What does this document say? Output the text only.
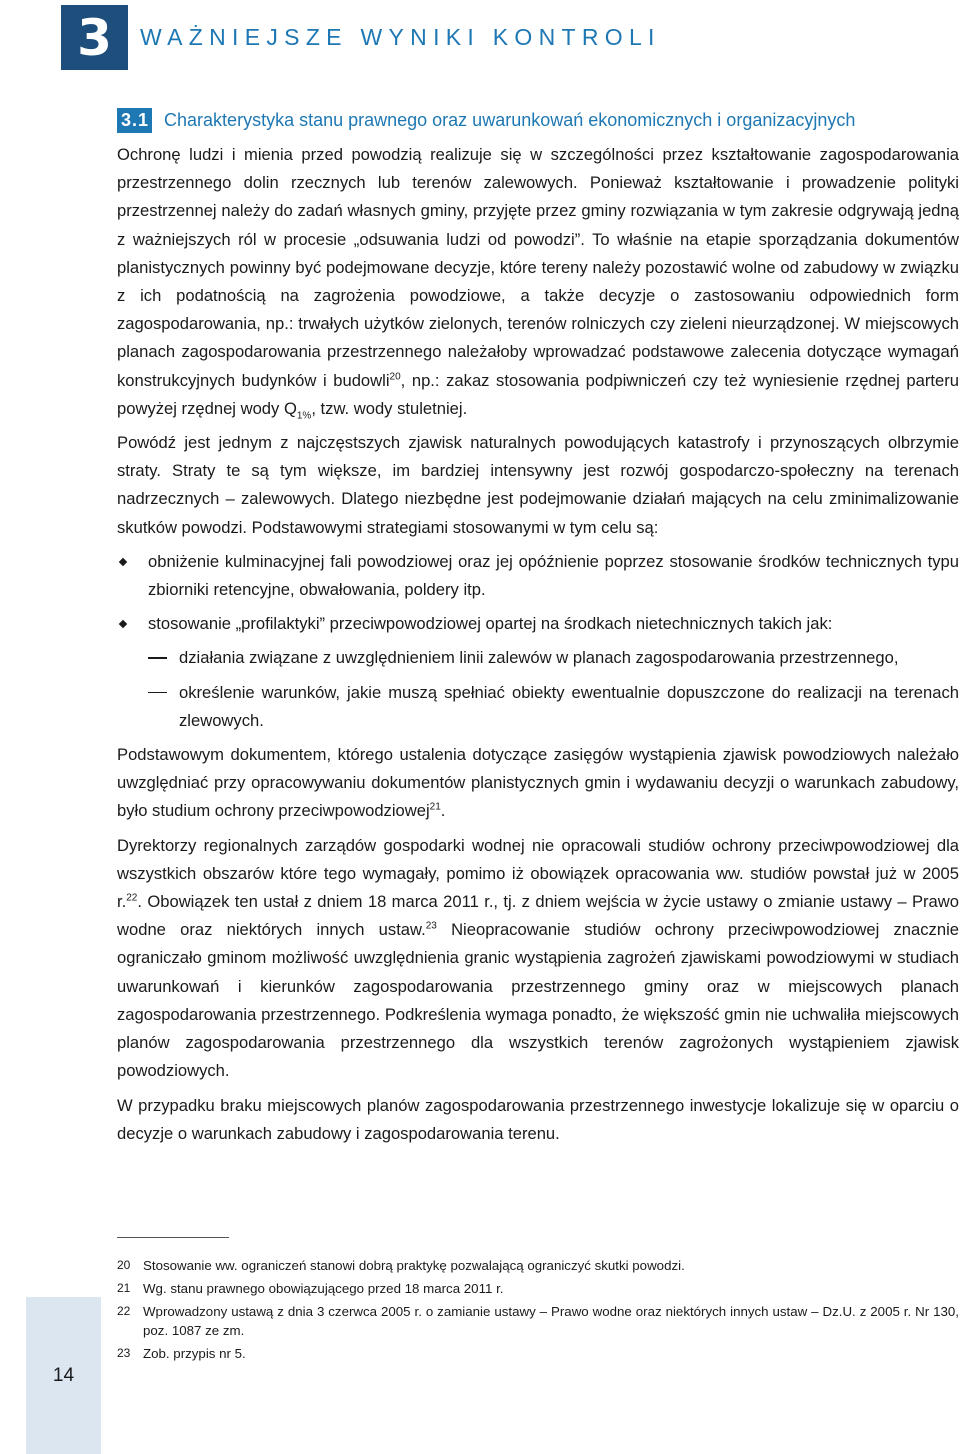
3 WAŻNIEJSZE WYNIKI KONTROLI
3.1 Charakterystyka stanu prawnego oraz uwarunkowań ekonomicznych i organizacyjnych

Ochronę ludzi i mienia przed powodzią realizuje się w szczególności przez kształtowanie zagospodarowania przestrzennego dolin rzecznych lub terenów zalewowych. Ponieważ kształtowanie i prowadzenie polityki przestrzennej należy do zadań własnych gminy, przyjęte przez gminy rozwiązania w tym zakresie odgrywają jedną z ważniejszych ról w procesie „odsuwania ludzi od powodzi”. To właśnie na etapie sporządzania dokumentów planistycznych powinny być podejmowane decyzje, które tereny należy pozostawić wolne od zabudowy w związku z ich podatnością na zagrożenia powodziowe, a także decyzje o zastosowaniu odpowiednich form zagospodarowania, np.: trwałych użytków zielonych, terenów rolniczych czy zieleni nieurządzonej. W miejscowych planach zagospodarowania przestrzennego należałoby wprowadzać podstawowe zalecenia dotyczące wymagań konstrukcyjnych budynków i budowli$^{20}$, np.: zakaz stosowania podpiwniczeń czy też wyniesienie rzędnej parteru powyżej rzędnej wody $Q_{1\%}$, tzw. wody stuletniej.

Powódź jest jednym z najczęstszych zjawisk naturalnych powodujących katastrofy i przynoszących olbrzymie straty. Straty te są tym większe, im bardziej intensywny jest rozwój gospodarczo-społeczny na terenach nadrzecznych – zalewowych. Dlatego niezbędne jest podejmowanie działań mających na celu zminimalizowanie skutków powodzi. Podstawowymi strategiami stosowanymi w tym celu są:

obniżenie kulminacyjnej fali powodziowej oraz jej opóźnienie poprzez stosowanie środków technicznych typu zbiorniki retencyjne, obwałowania, poldery itp.
stosowanie „profilaktyki” przeciwpowodziowej opartej na środkach nietechnicznych takich jak:
działania związane z uwzględnieniem linii zalewów w planach zagospodarowania przestrzennego,
określenie warunków, jakie muszą spełniać obiekty ewentualnie dopuszczone do realizacji na terenach zlewowych.

Podstawowym dokumentem, którego ustalenia dotyczące zasięgów wystąpienia zjawisk powodziowych należało uwzględniać przy opracowywaniu dokumentów planistycznych gmin i wydawaniu decyzji o warunkach zabudowy, było studium ochrony przeciwpowodziowej$^{21}$.

Dyrektorzy regionalnych zarządów gospodarki wodnej nie opracowali studiów ochrony przeciwpowodziowej dla wszystkich obszarów które tego wymagały, pomimo iż obowiązek opracowania ww. studiów powstał już w 2005 r.$^{22}$. Obowiązek ten ustał z dniem 18 marca 2011 r., tj. z dniem wejścia w życie ustawy o zmianie ustawy – Prawo wodne oraz niektórych innych ustaw.$^{23}$ Nieopracowanie studiów ochrony przeciwpowodziowej znacznie ograniczało gminom możliwość uwzględnienia granic wystąpienia zagrożeń zjawiskami powodziowymi w studiach uwarunkowań i kierunków zagospodarowania przestrzennego gminy oraz w miejscowych planach zagospodarowania przestrzennego. Podkreślenia wymaga ponadto, że większość gmin nie uchwaliła miejscowych planów zagospodarowania przestrzennego dla wszystkich terenów zagrożonych wystąpieniem zjawisk powodziowych.

W przypadku braku miejscowych planów zagospodarowania przestrzennego inwestycje lokalizuje się w oparciu o decyzje o warunkach zabudowy i zagospodarowania terenu.

20 Stosowanie ww. ograniczeń stanowi dobrą praktykę pozwalającą ograniczyć skutki powodzi.
21 Wg. stanu prawnego obowiązującego przed 18 marca 2011 r.
22 Wprowadzony ustawą z dnia 3 czerwca 2005 r. o zamianie ustawy – Prawo wodne oraz niektórych innych ustaw – Dz.U. z 2005 r. Nr 130, poz. 1087 ze zm.
23 Zob. przypis nr 5.
14
